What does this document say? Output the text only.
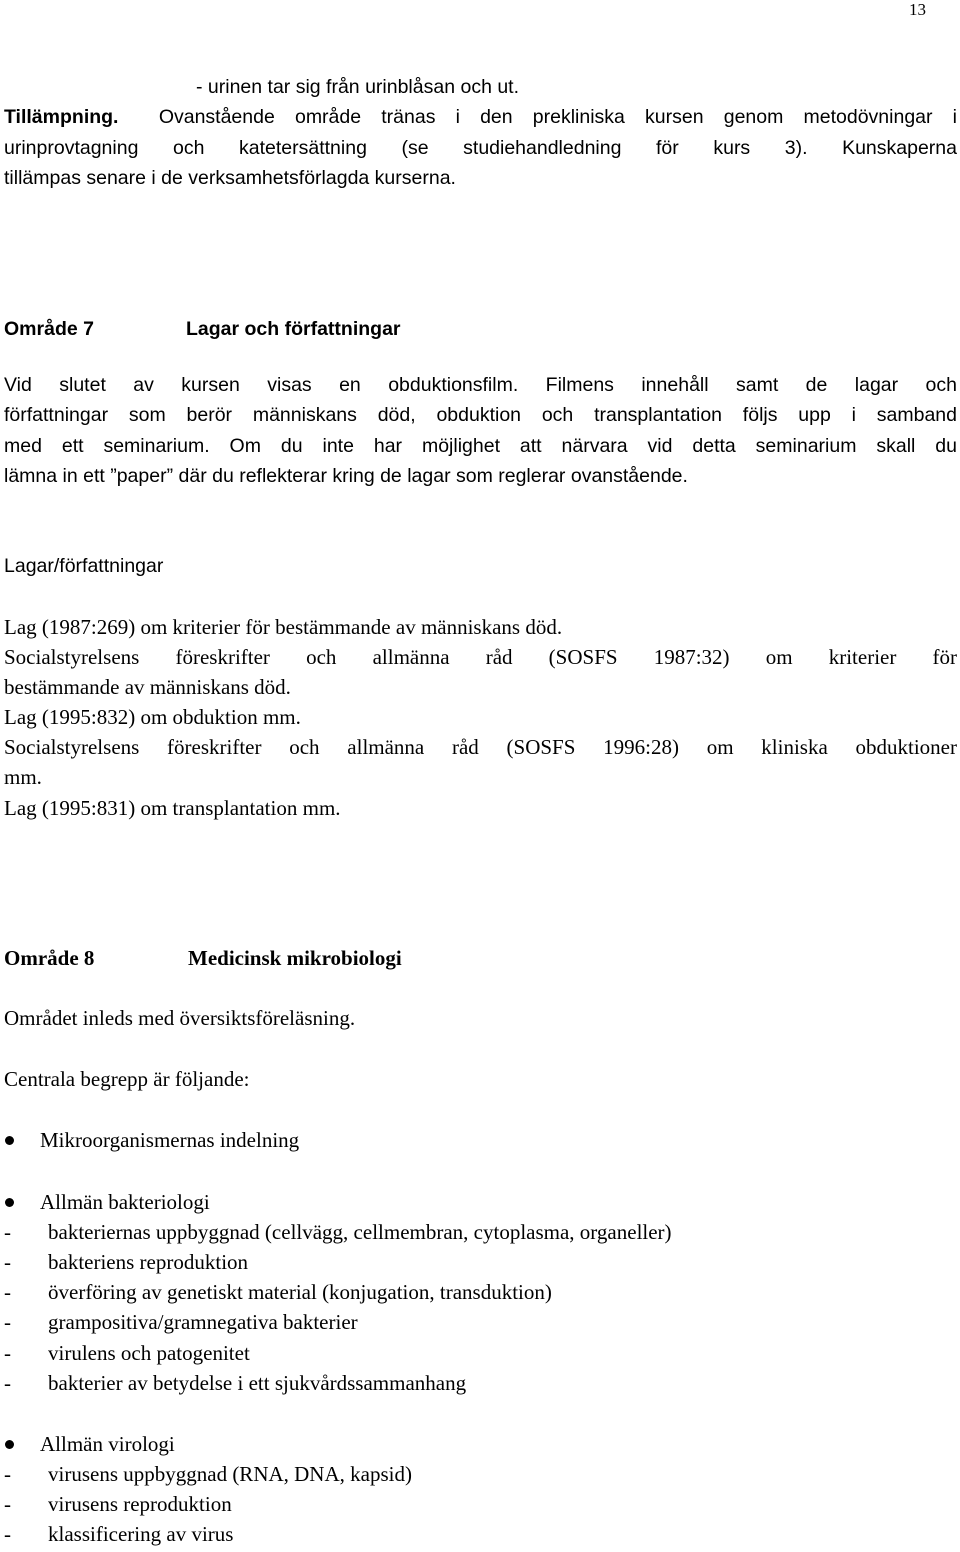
13
- urinen tar sig från urinblåsan och ut.
Tillämpning. Ovanstående område tränas i den prekliniska kursen genom metodövningar i
urinprovtagning och katetersättning (se studiehandledning för kurs 3). Kunskaperna
tillämpas senare i de verksamhetsförlagda kurserna.
Område 7	Lagar och författningar
Vid slutet av kursen visas en obduktionsfilm. Filmens innehåll samt de lagar och
författningar som berör människans död, obduktion och transplantation följs upp i samband
med ett seminarium. Om du inte har möjlighet att närvara vid detta seminarium skall du
lämna in ett ”paper” där du reflekterar kring de lagar som reglerar ovanstående.
Lagar/författningar
Lag (1987:269) om kriterier för bestämmande av människans död.
Socialstyrelsens föreskrifter och allmänna råd (SOSFS 1987:32) om kriterier för
bestämmande av människans död.
Lag (1995:832) om obduktion mm.
Socialstyrelsens föreskrifter och allmänna råd (SOSFS 1996:28) om kliniska obduktioner
mm.
Lag (1995:831) om transplantation mm.
Område 8	Medicinsk mikrobiologi
Området inleds med översiktsföreläsning.
Centrala begrepp är följande:
Mikroorganismernas indelning
Allmän bakteriologi
- bakteriernas uppbyggnad (cellvägg, cellmembran, cytoplasma, organeller)
- bakteriens reproduktion
- överföring av genetiskt material (konjugation, transduktion)
- grampositiva/gramnegativa bakterier
- virulens och patogenitet
- bakterier av betydelse i ett sjukvårdssammanhang
Allmän virologi
- virusens uppbyggnad (RNA, DNA, kapsid)
- virusens reproduktion
- klassificering av virus
